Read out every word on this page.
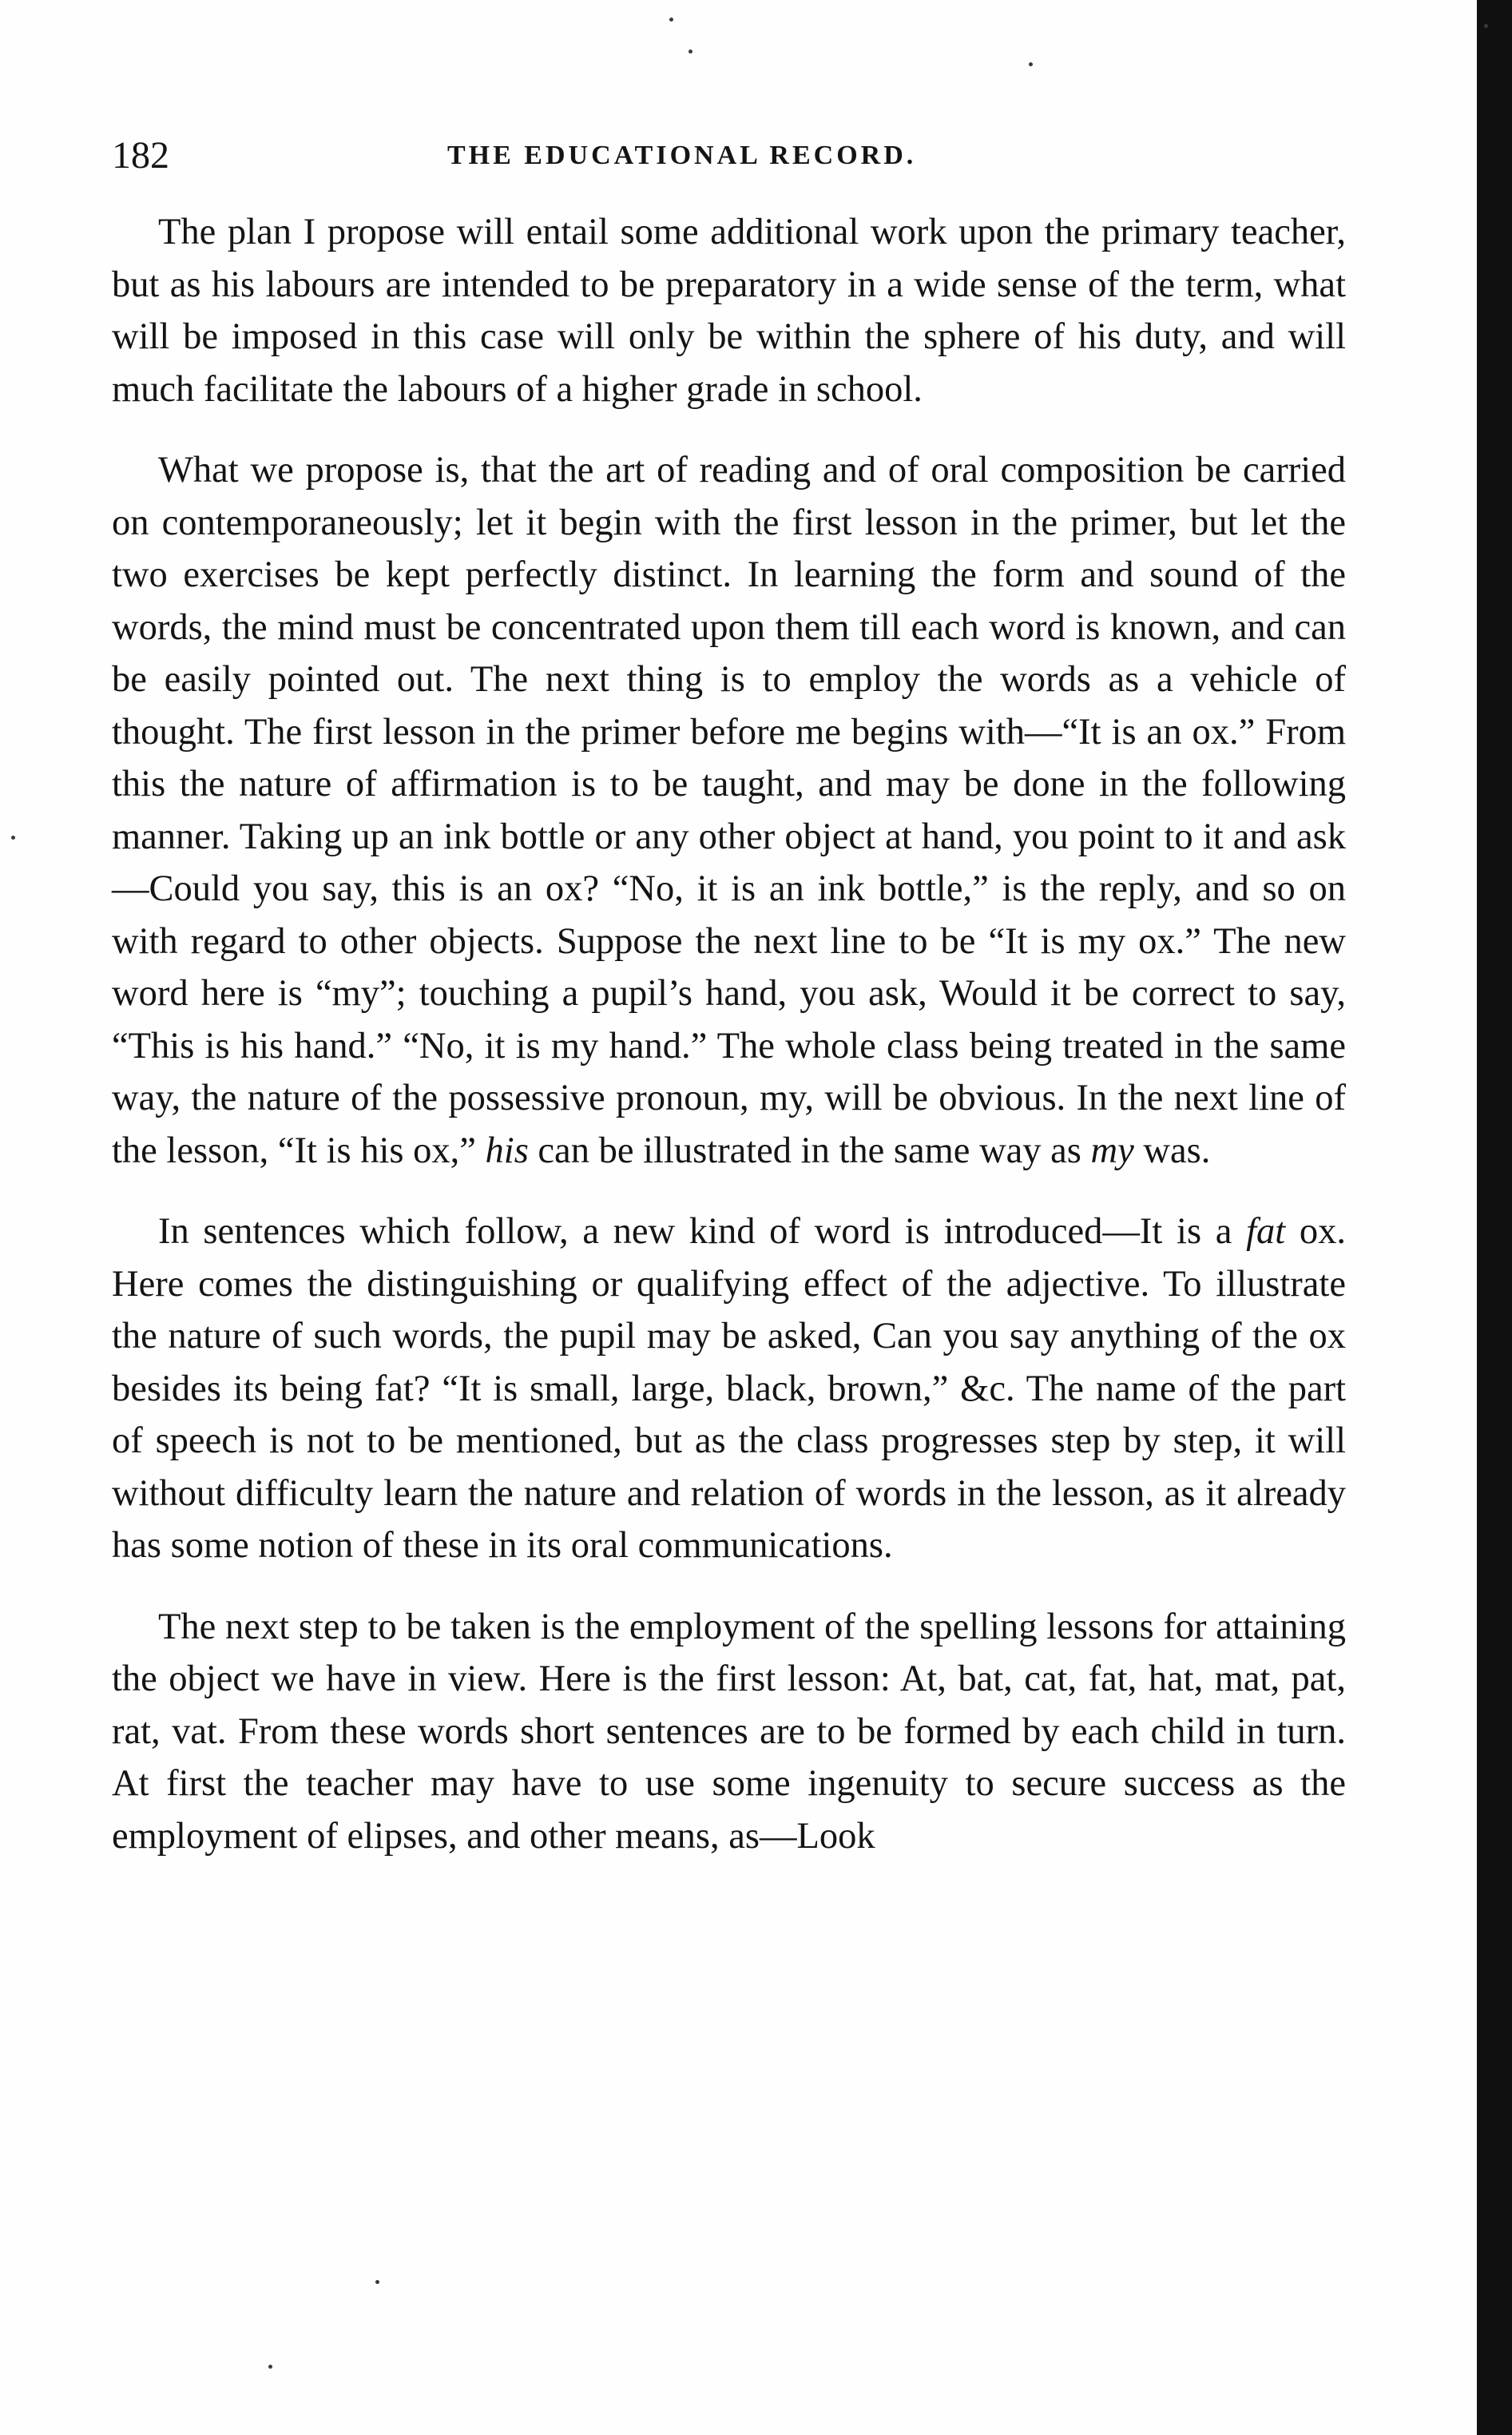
182	THE EDUCATIONAL RECORD.

The plan I propose will entail some additional work upon the primary teacher, but as his labours are intended to be preparatory in a wide sense of the term, what will be imposed in this case will only be within the sphere of his duty, and will much facilitate the labours of a higher grade in school.

What we propose is, that the art of reading and of oral composition be carried on contemporaneously; let it begin with the first lesson in the primer, but let the two exercises be kept perfectly distinct. In learning the form and sound of the words, the mind must be concentrated upon them till each word is known, and can be easily pointed out. The next thing is to employ the words as a vehicle of thought. The first lesson in the primer before me begins with—“It is an ox.” From this the nature of affirmation is to be taught, and may be done in the following manner. Taking up an ink bottle or any other object at hand, you point to it and ask—Could you say, this is an ox? “No, it is an ink bottle,” is the reply, and so on with regard to other objects. Suppose the next line to be “It is my ox.” The new word here is “my”; touching a pupil’s hand, you ask, Would it be correct to say, “This is his hand.” “No, it is my hand.” The whole class being treated in the same way, the nature of the possessive pronoun, my, will be obvious. In the next line of the lesson, “It is his ox,” his can be illustrated in the same way as my was.

In sentences which follow, a new kind of word is introduced—It is a fat ox. Here comes the distinguishing or qualifying effect of the adjective. To illustrate the nature of such words, the pupil may be asked, Can you say anything of the ox besides its being fat? “It is small, large, black, brown,” &c. The name of the part of speech is not to be mentioned, but as the class progresses step by step, it will without difficulty learn the nature and relation of words in the lesson, as it already has some notion of these in its oral communications.

The next step to be taken is the employment of the spelling lessons for attaining the object we have in view. Here is the first lesson: At, bat, cat, fat, hat, mat, pat, rat, vat. From these words short sentences are to be formed by each child in turn. At first the teacher may have to use some ingenuity to secure success as the employment of elipses, and other means, as—Look
